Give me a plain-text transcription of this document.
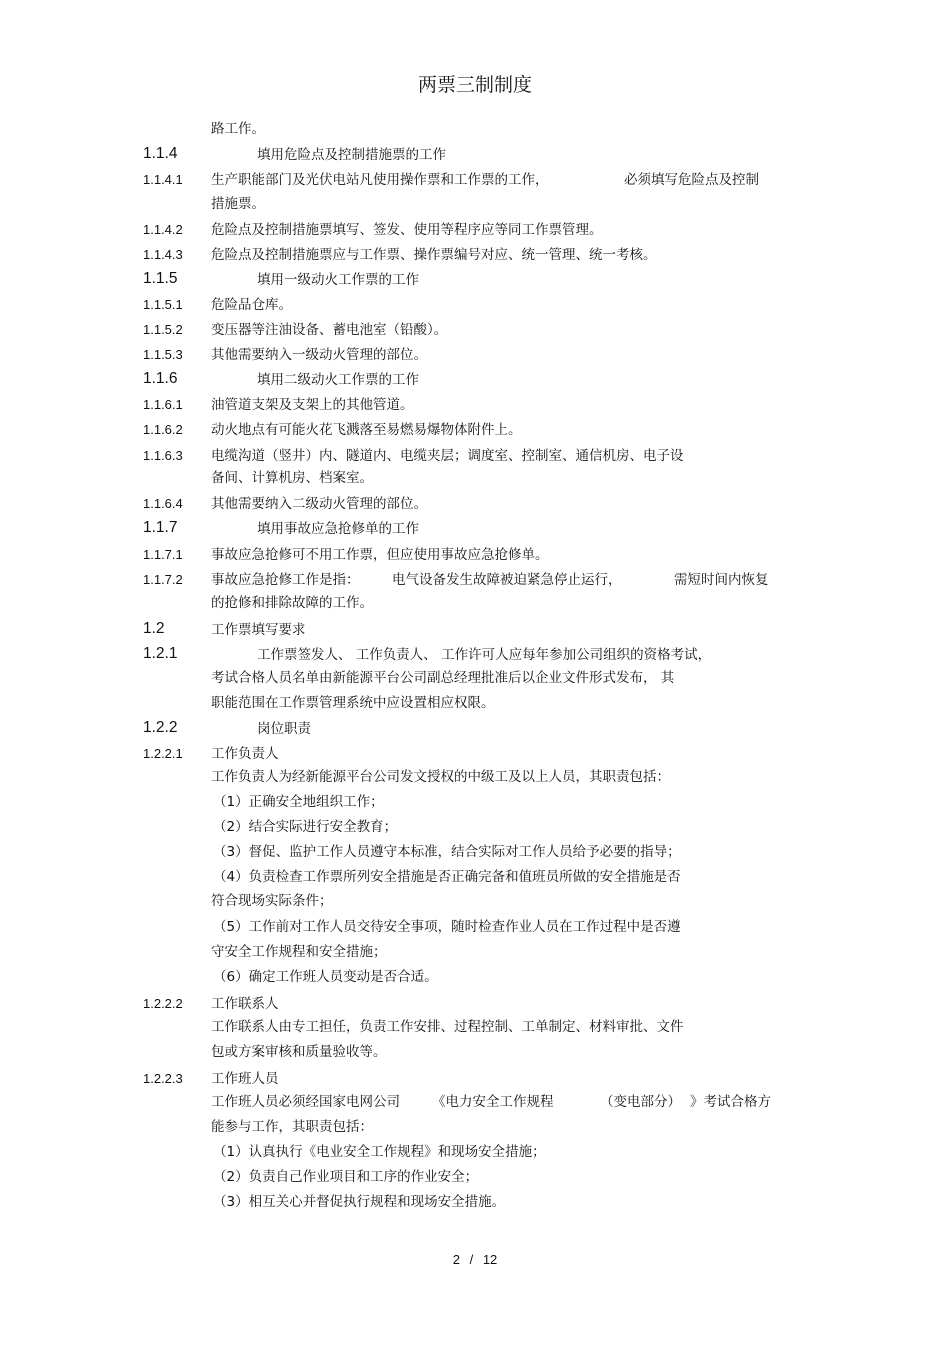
两票三制制度
路工作。
1.1.4	填用危险点及控制措施票的工作
1.1.4.1 生产职能部门及光伏电站凡使用操作票和工作票的工作，	必须填写危险点及控制
措施票。
1.1.4.2 危险点及控制措施票填写、签发、使用等程序应等同工作票管理。
1.1.4.3 危险点及控制措施票应与工作票、操作票编号对应、统一管理、统一考核。
1.1.5	填用一级动火工作票的工作
1.1.5.1 危险品仓库。
1.1.5.2 变压器等注油设备、蓄电池室（铅酸）。
1.1.5.3 其他需要纳入一级动火管理的部位。
1.1.6	填用二级动火工作票的工作
1.1.6.1 油管道支架及支架上的其他管道。
1.1.6.2 动火地点有可能火花飞溅落至易燃易爆物体附件上。
1.1.6.3 电缆沟道（竖井）内、隧道内、电缆夹层；调度室、控制室、通信机房、电子设
备间、计算机房、档案室。
1.1.6.4 其他需要纳入二级动火管理的部位。
1.1.7	填用事故应急抢修单的工作
1.1.7.1 事故应急抢修可不用工作票，但应使用事故应急抢修单。
1.1.7.2 事故应急抢修工作是指： 电气设备发生故障被迫紧急停止运行，	需短时间内恢复
的抢修和排除故障的工作。
1.2	工作票填写要求
1.2.1	工作票签发人、 工作负责人、 工作许可人应每年参加公司组织的资格考试，
考试合格人员名单由新能源平台公司副总经理批准后以企业文件形式发布， 其
职能范围在工作票管理系统中应设置相应权限。
1.2.2	岗位职责
1.2.2.1 工作负责人
工作负责人为经新能源平台公司发文授权的中级工及以上人员，其职责包括：
（1）正确安全地组织工作；
（2）结合实际进行安全教育；
（3）督促、监护工作人员遵守本标准，结合实际对工作人员给予必要的指导；
（4）负责检查工作票所列安全措施是否正确完备和值班员所做的安全措施是否
符合现场实际条件；
（5）工作前对工作人员交待安全事项，随时检查作业人员在工作过程中是否遵
守安全工作规程和安全措施；
（6）确定工作班人员变动是否合适。
1.2.2.2 工作联系人
工作联系人由专工担任，负责工作安排、过程控制、工单制定、材料审批、文件
包或方案审核和质量验收等。
1.2.2.3 工作班人员
工作班人员必须经国家电网公司 《电力安全工作规程	（变电部分） 》考试合格方
能参与工作，其职责包括：
（1）认真执行《电业安全工作规程》和现场安全措施；
（2）负责自己作业项目和工序的作业安全；
（3）相互关心并督促执行规程和现场安全措施。
2 / 12
